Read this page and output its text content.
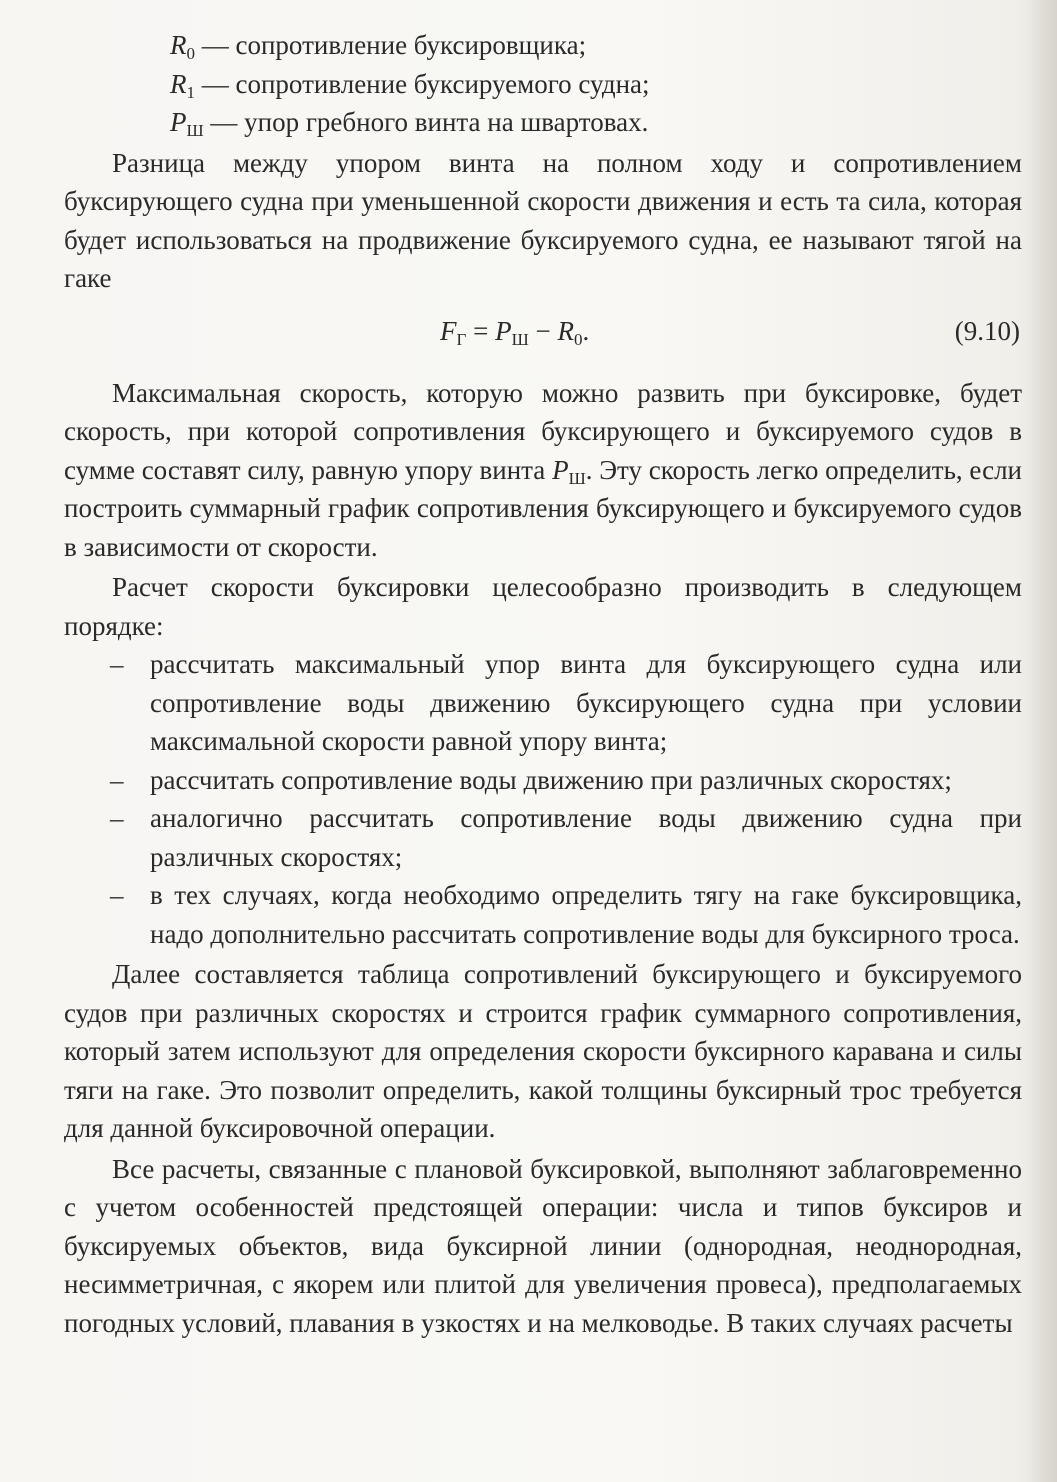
$R_0$ — сопротивление буксировщика;
$R_1$ — сопротивление буксируемого судна;
$P_Ш$ — упор гребного винта на швартовах.

Разница между упором винта на полном ходу и сопротивлением буксирующего судна при уменьшенной скорости движения и есть та сила, которая будет использоваться на продвижение буксируемого судна, ее называют тягой на гаке

$F_Г = P_Ш - R_0$.	(9.10)

Максимальная скорость, которую можно развить при буксировке, будет скорость, при которой сопротивления буксирующего и буксируемого судов в сумме составят силу, равную упору винта $P_Ш$. Эту скорость легко определить, если построить суммарный график сопротивления буксирующего и буксируемого судов в зависимости от скорости.

Расчет скорости буксировки целесообразно производить в следующем порядке:

– рассчитать максимальный упор винта для буксирующего судна или сопротивление воды движению буксирующего судна при условии максимальной скорости равной упору винта;
– рассчитать сопротивление воды движению при различных скоростях;
– аналогично рассчитать сопротивление воды движению судна при различных скоростях;
– в тех случаях, когда необходимо определить тягу на гаке буксировщика, надо дополнительно рассчитать сопротивление воды для буксирного троса.

Далее составляется таблица сопротивлений буксирующего и буксируемого судов при различных скоростях и строится график суммарного сопротивления, который затем используют для определения скорости буксирного каравана и силы тяги на гаке. Это позволит определить, какой толщины буксирный трос требуется для данной буксировочной операции.

Все расчеты, связанные с плановой буксировкой, выполняют заблаговременно с учетом особенностей предстоящей операции: числа и типов буксиров и буксируемых объектов, вида буксирной линии (однородная, неоднородная, несимметричная, с якорем или плитой для увеличения провеса), предполагаемых погодных условий, плавания в узкостях и на мелководье. В таких случаях расчеты
